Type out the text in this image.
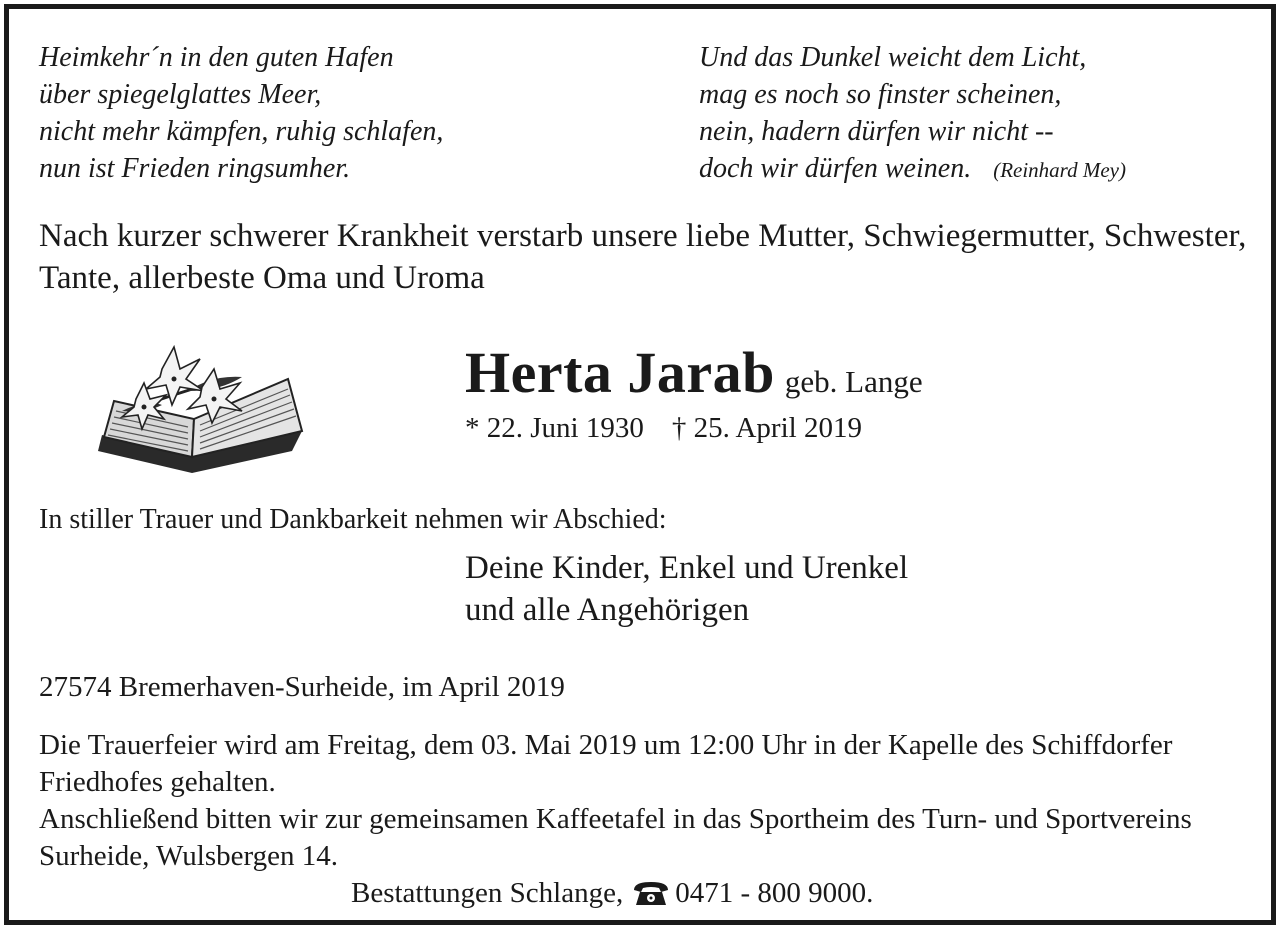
Heimkehr´n in den guten Hafen
über spiegelglattes Meer,
nicht mehr kämpfen, ruhig schlafen,
nun ist Frieden ringsumher.
Und das Dunkel weicht dem Licht,
mag es noch so finster scheinen,
nein, hadern dürfen wir nicht --
doch wir dürfen weinen. (Reinhard Mey)
Nach kurzer schwerer Krankheit verstarb unsere liebe Mutter, Schwiegermutter, Schwester, Tante, allerbeste Oma und Uroma
Herta Jarab geb. Lange
* 22. Juni 1930 † 25. April 2019
In stiller Trauer und Dankbarkeit nehmen wir Abschied:
Deine Kinder, Enkel und Urenkel
und alle Angehörigen
27574 Bremerhaven-Surheide, im April 2019
Die Trauerfeier wird am Freitag, dem 03. Mai 2019 um 12:00 Uhr in der Kapelle des Schiffdorfer Friedhofes gehalten.
Anschließend bitten wir zur gemeinsamen Kaffeetafel in das Sportheim des Turn- und Sportvereins Surheide, Wulsbergen 14.
Bestattungen Schlange, 0471 - 800 9000.
